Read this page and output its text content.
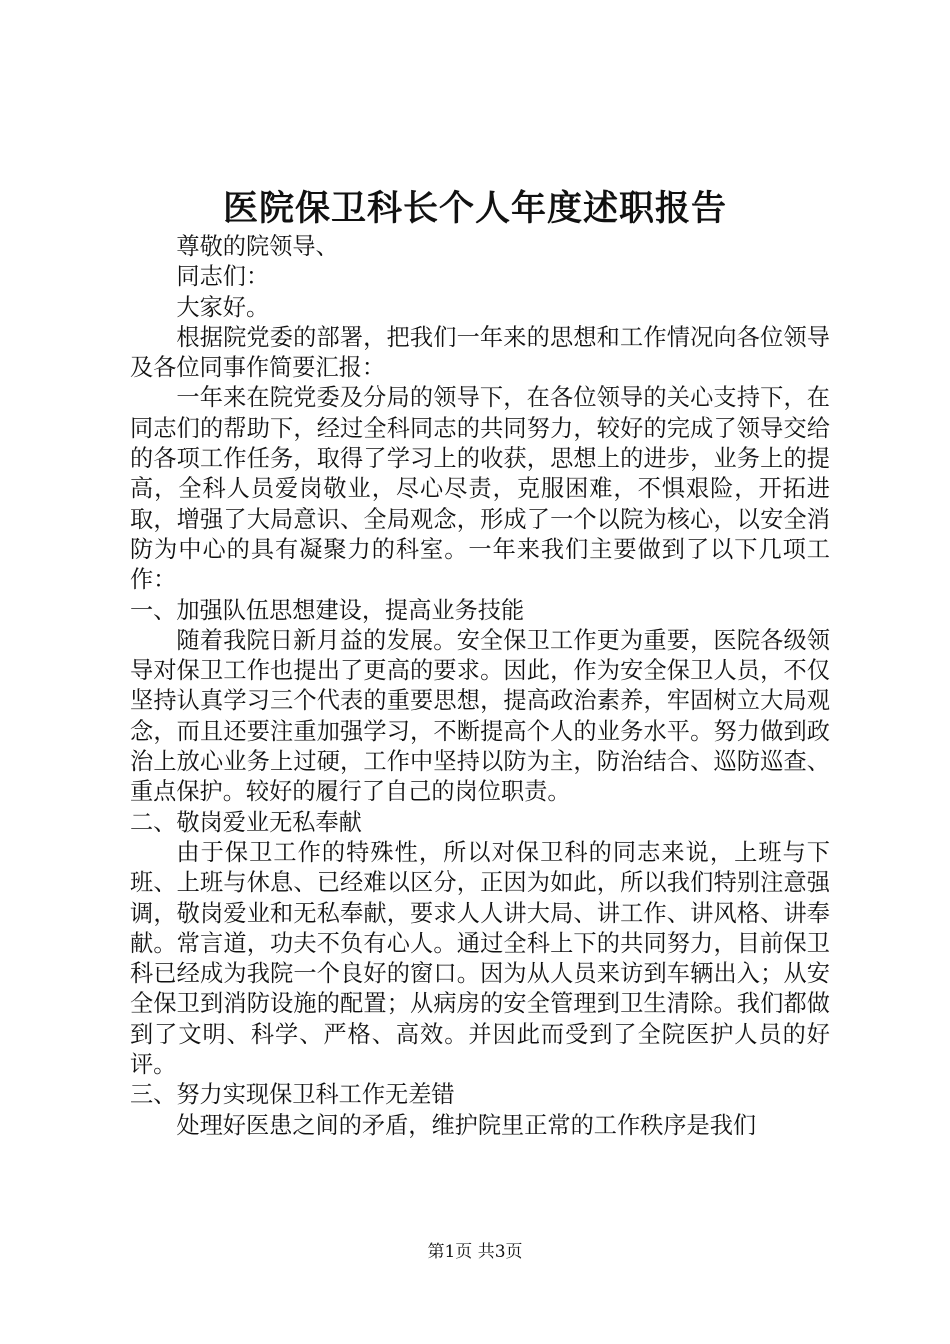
医院保卫科长个人年度述职报告

尊敬的院领导、

同志们：

大家好。

根据院党委的部署，把我们一年来的思想和工作情况向各位领导及各位同事作简要汇报：

一年来在院党委及分局的领导下，在各位领导的关心支持下，在同志们的帮助下，经过全科同志的共同努力，较好的完成了领导交给的各项工作任务，取得了学习上的收获，思想上的进步，业务上的提高，全科人员爱岗敬业，尽心尽责，克服困难，不惧艰险，开拓进取，增强了大局意识、全局观念，形成了一个以院为核心，以安全消防为中心的具有凝聚力的科室。一年来我们主要做到了以下几项工作：

一、加强队伍思想建设，提高业务技能

随着我院日新月益的发展。安全保卫工作更为重要，医院各级领导对保卫工作也提出了更高的要求。因此，作为安全保卫人员，不仅坚持认真学习三个代表的重要思想，提高政治素养，牢固树立大局观念，而且还要注重加强学习，不断提高个人的业务水平。努力做到政治上放心业务上过硬，工作中坚持以防为主，防治结合、巡防巡查、重点保护。较好的履行了自己的岗位职责。

二、敬岗爱业无私奉献

由于保卫工作的特殊性，所以对保卫科的同志来说，上班与下班、上班与休息、已经难以区分，正因为如此，所以我们特别注意强调，敬岗爱业和无私奉献，要求人人讲大局、讲工作、讲风格、讲奉献。常言道，功夫不负有心人。通过全科上下的共同努力，目前保卫科已经成为我院一个良好的窗口。因为从人员来访到车辆出入；从安全保卫到消防设施的配置；从病房的安全管理到卫生清除。我们都做到了文明、科学、严格、高效。并因此而受到了全院医护人员的好评。

三、努力实现保卫科工作无差错

处理好医患之间的矛盾，维护院里正常的工作秩序是我们

第1页 共3页
